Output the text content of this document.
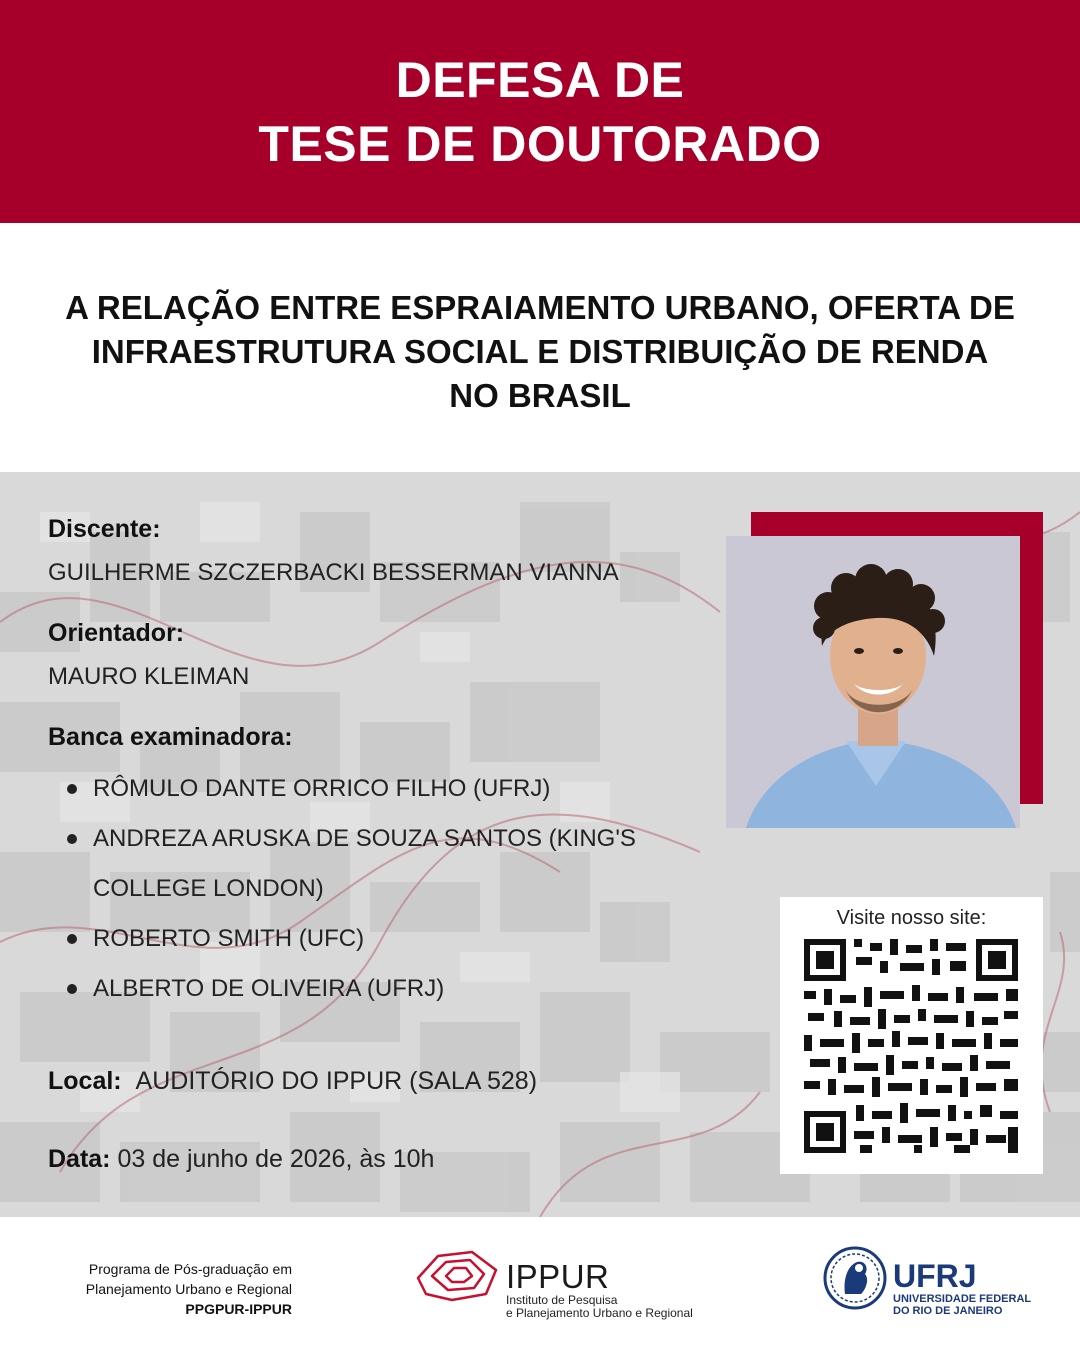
DEFESA DE
TESE DE DOUTORADO
A RELAÇÃO ENTRE ESPRAIAMENTO URBANO, OFERTA DE
INFRAESTRUTURA SOCIAL E DISTRIBUIÇÃO DE RENDA
NO BRASIL
Discente:
GUILHERME SZCZERBACKI BESSERMAN VIANNA
Orientador:
MAURO KLEIMAN
Banca examinadora:
RÔMULO DANTE ORRICO FILHO (UFRJ)
ANDREZA ARUSKA DE SOUZA SANTOS (KING'S
COLLEGE LONDON)
ROBERTO SMITH (UFC)
ALBERTO DE OLIVEIRA (UFRJ)
Local: AUDITÓRIO DO IPPUR (SALA 528)
Data: 03 de junho de 2026, às 10h
Visite nosso site:
Programa de Pós-graduação em
Planejamento Urbano e Regional
PPGPUR-IPPUR
IPPUR
Instituto de Pesquisa
e Planejamento Urbano e Regional
UFRJ
UNIVERSIDADE FEDERAL
DO RIO DE JANEIRO
